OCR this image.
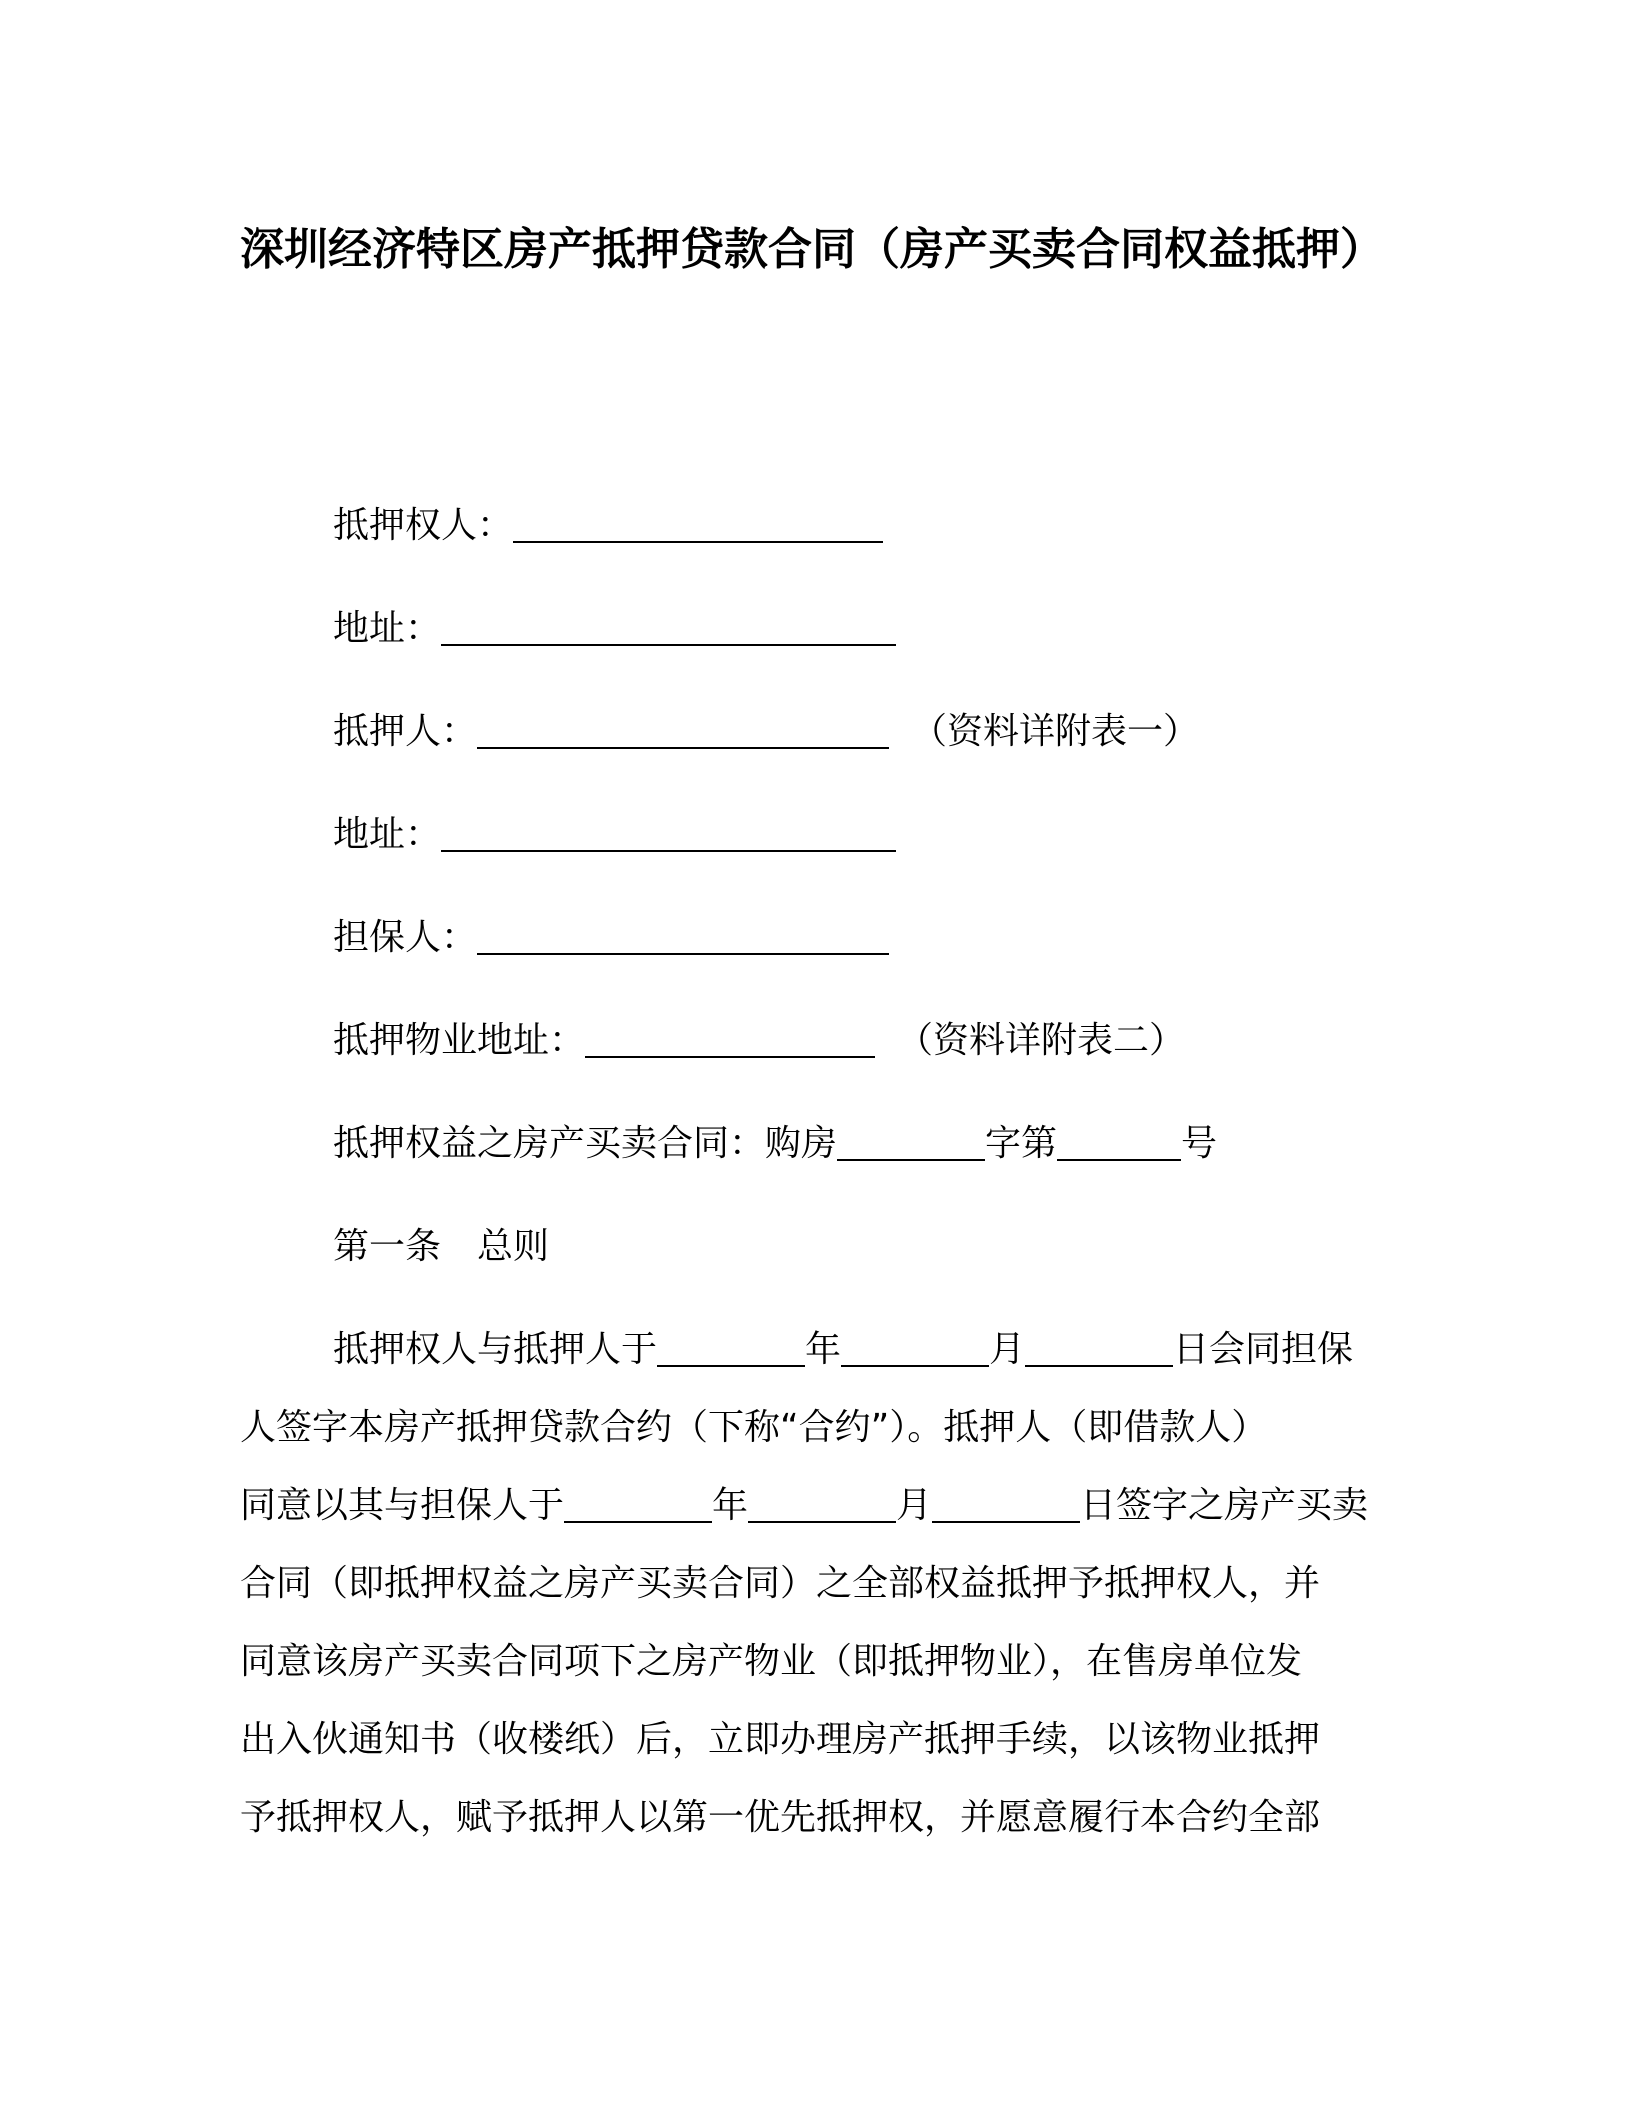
深圳经济特区房产抵押贷款合同（房产买卖合同权益抵押）
抵押权人：
地址：
抵押人：	（资料详附表一）
地址：
担保人：
抵押物业地址：	（资料详附表二）
抵押权益之房产买卖合同：购房	字第	号
第一条　总则
抵押权人与抵押人于	年	月	日会同担保
人签字本房产抵押贷款合约（下称“合约”）。抵押人（即借款人）
同意以其与担保人于	年	月	日签字之房产买卖
合同（即抵押权益之房产买卖合同）之全部权益抵押予抵押权人，并
同意该房产买卖合同项下之房产物业（即抵押物业），在售房单位发
出入伙通知书（收楼纸）后，立即办理房产抵押手续，以该物业抵押
予抵押权人，赋予抵押人以第一优先抵押权，并愿意履行本合约全部
